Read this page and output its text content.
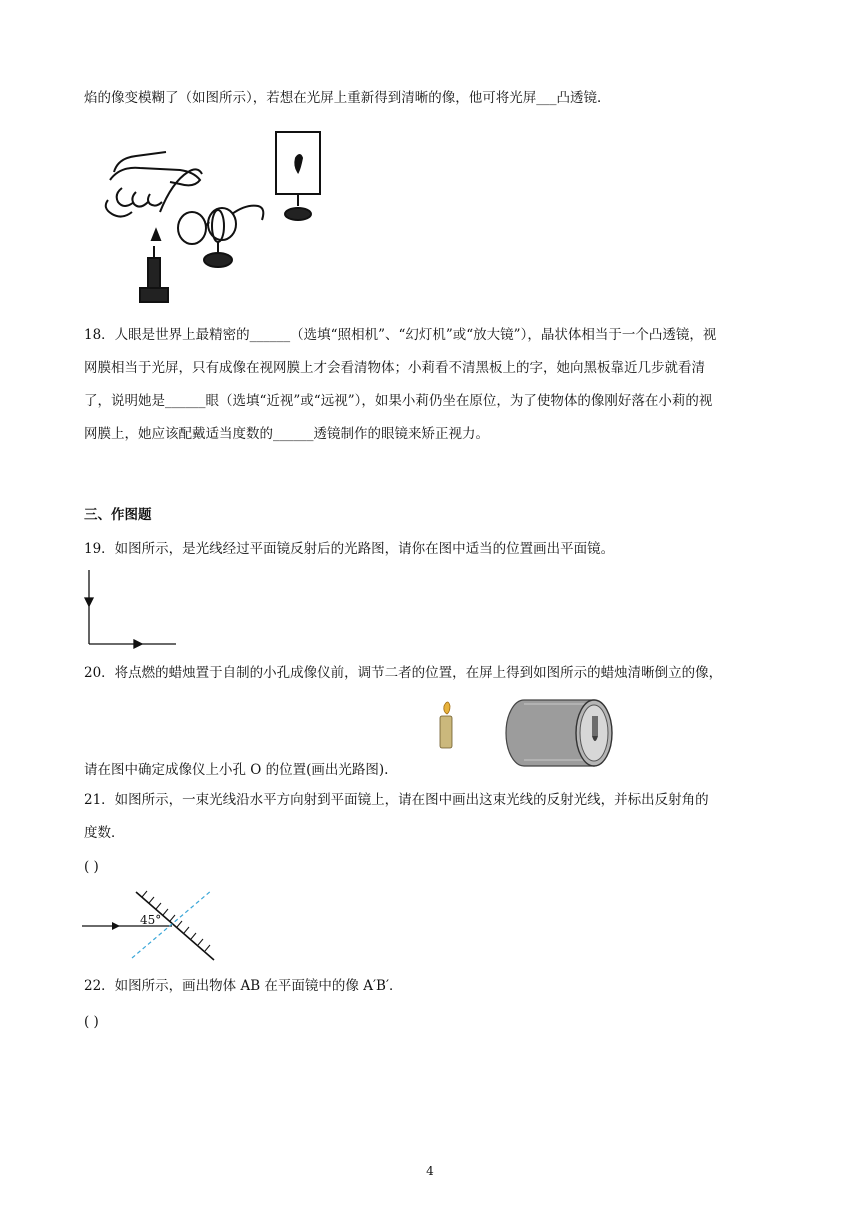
焰的像变模糊了（如图所示），若想在光屏上重新得到清晰的像，他可将光屏___凸透镜．
18．人眼是世界上最精密的______（选填“照相机”、“幻灯机”或“放大镜”），晶状体相当于一个凸透镜，视
网膜相当于光屏，只有成像在视网膜上才会看清物体；小莉看不清黑板上的字，她向黑板靠近几步就看清
了，说明她是______眼（选填“近视”或“远视”），如果小莉仍坐在原位，为了使物体的像刚好落在小莉的视
网膜上，她应该配戴适当度数的______透镜制作的眼镜来矫正视力。
三、作图题
19．如图所示，是光线经过平面镜反射后的光路图，请你在图中适当的位置画出平面镜。
20．将点燃的蜡烛置于自制的小孔成像仪前，调节二者的位置，在屏上得到如图所示的蜡烛清晰倒立的像，
请在图中确定成像仪上小孔 O 的位置(画出光路图).
21．如图所示，一束光线沿水平方向射到平面镜上，请在图中画出这束光线的反射光线，并标出反射角的
度数．
( )
45°
22．如图所示，画出物体 AB 在平面镜中的像 A′B′．
( )
4
